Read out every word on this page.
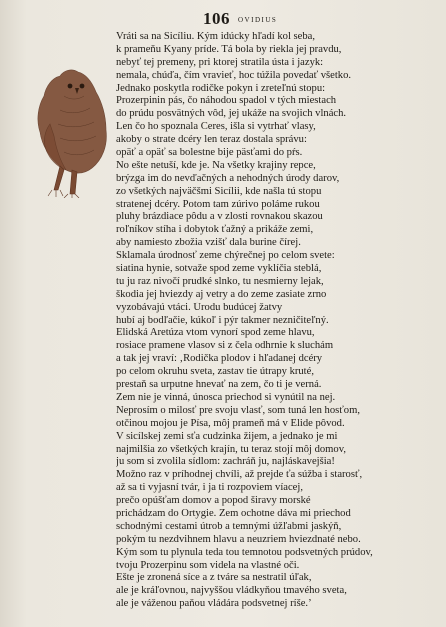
106 OVIDIUS
Vráti sa na Sicíliu. Kým idúcky hľadí kol seba,
k prameňu Kyany príde. Tá bola by riekla jej pravdu,
nebyť tej premeny, pri ktorej stratila ústa i jazyk:
nemala, chúďa, čím vravieť, hoc túžila povedať všetko.
Jednako poskytla rodičke pokyn i zreteľnú stopu:
Prozerpinin pás, čo náhodou spadol v tých miestach
do prúdu posvätných vôd, jej ukáže na svojich vlnách.
Len čo ho spoznala Ceres, išla si vytrhať vlasy,
akoby o strate dcéry len teraz dostala správu:
opäť a opäť sa bolestne bije päsťami do pŕs.
No ešte netuší, kde je. Na všetky krajiny repce,
brýzga im do nevďačných a nehodných úrody darov,
zo všetkých najväčšmi Sicílii, kde našla tú stopu
stratenej dcéry. Potom tam zúrivo poláme rukou
pluhy brázdiace pôdu a v zlosti rovnakou skazou
roľníkov stíha i dobytok ťažný a prikáže zemi,
aby namiesto zbožia vzišť dala burine čírej.
Sklamala úrodnosť zeme chýrečnej po celom svete:
siatina hynie, sotvaže spod zeme vyklíčia steblá,
tu ju raz nivočí prudké slnko, tu nesmierny lejak,
škodia jej hviezdy aj vetry a do zeme zasiate zrno
vyzobávajú vtáci. Úrodu budúcej žatvy
hubí aj bodľačie, kúkoľ i pýr takmer nezničiteľný.
Elidská Aretúza vtom vynorí spod zeme hlavu,
rosiace pramene vlasov si z čela odhrnie k sluchám
a tak jej vraví: ‚Rodička plodov i hľadanej dcéry
po celom okruhu sveta, zastav tie útrapy kruté,
prestaň sa urputne hnevať na zem, čo ti je verná.
Zem nie je vinná, únosca priechod si vynútil na nej.
Neprosím o milosť pre svoju vlasť, som tuná len hosťom,
otčinou mojou je Písa, môj prameň má v Elide pôvod.
V sicílskej zemi sťa cudzinka žijem, a jednako je mi
najmilšia zo všetkých krajín, tu teraz stojí môj domov,
ju som si zvolila sídlom: zachráň ju, najláskavejšia!
Možno raz v príhodnej chvíli, až prejde ťa súžba i starosť,
až sa ti vyjasní tvár, i ja ti rozpoviem víacej,
prečo opúšťam domov a popod širavy morské
prichádzam do Ortygie. Zem ochotne dáva mi priechod
schodnými cestami útrob a temnými úžľabmi jaskýň,
pokým tu nezdvihnem hlavu a neuzriem hviezdnaté nebo.
Kým som tu plynula teda tou temnotou podsvetných prúdov,
tvoju Prozerpinu som videla na vlastné oči.
Ešte je zronená síce a z tváre sa nestratil úľak,
ale je kráľovnou, najvyššou vládkyňou tmavého sveta,
ale je váženou paňou vládára podsvetnej ríše.’
